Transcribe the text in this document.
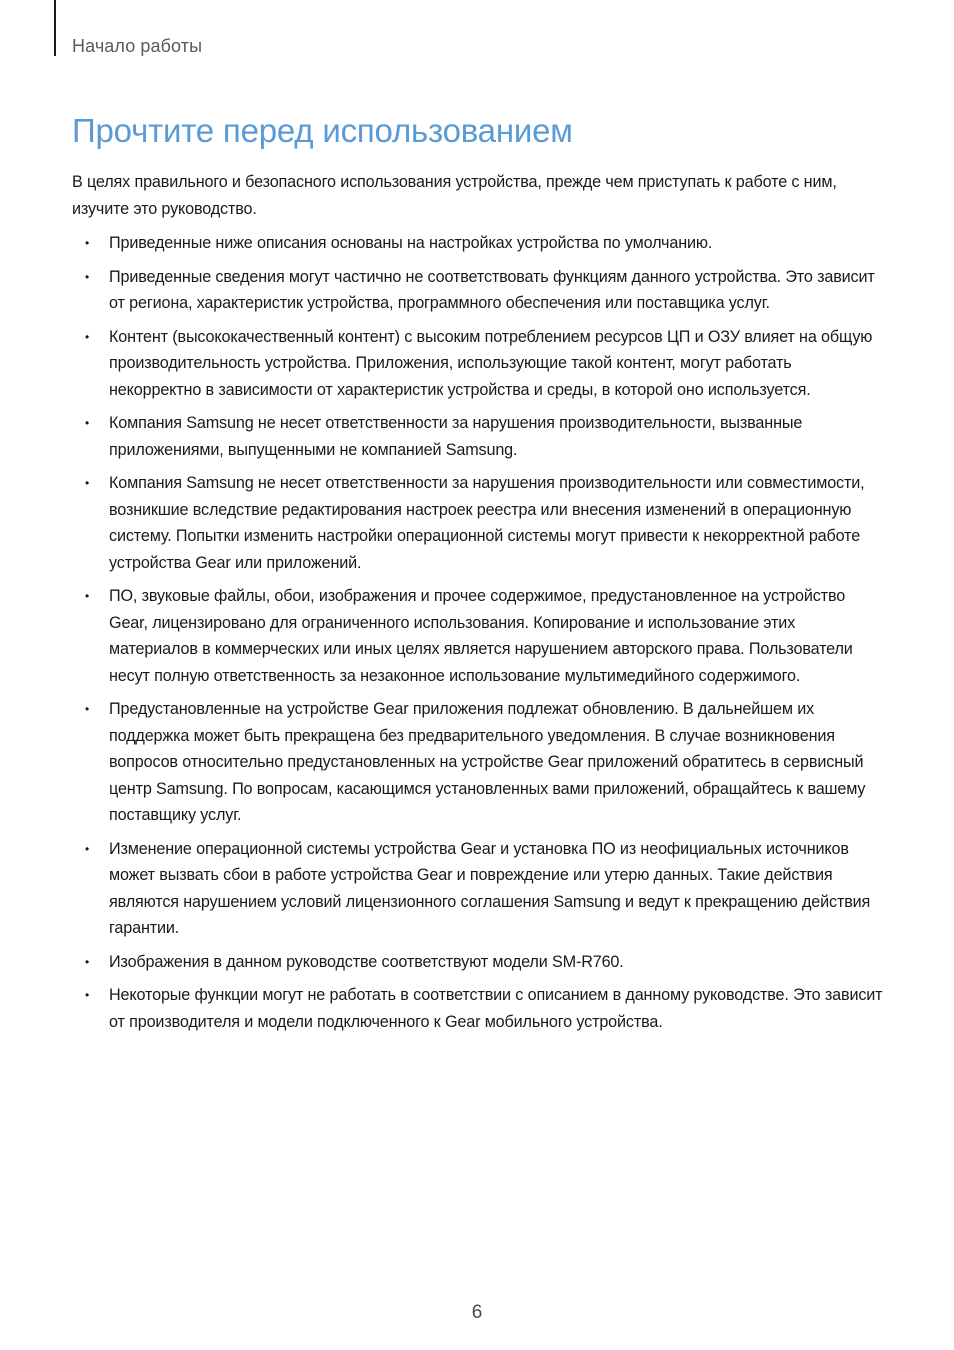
Начало работы
Прочтите перед использованием

В целях правильного и безопасного использования устройства, прежде чем приступать к работе с ним, изучите это руководство.

• Приведенные ниже описания основаны на настройках устройства по умолчанию.
• Приведенные сведения могут частично не соответствовать функциям данного устройства. Это зависит от региона, характеристик устройства, программного обеспечения или поставщика услуг.
• Контент (высококачественный контент) с высоким потреблением ресурсов ЦП и ОЗУ влияет на общую производительность устройства. Приложения, использующие такой контент, могут работать некорректно в зависимости от характеристик устройства и среды, в которой оно используется.
• Компания Samsung не несет ответственности за нарушения производительности, вызванные приложениями, выпущенными не компанией Samsung.
• Компания Samsung не несет ответственности за нарушения производительности или совместимости, возникшие вследствие редактирования настроек реестра или внесения изменений в операционную систему. Попытки изменить настройки операционной системы могут привести к некорректной работе устройства Gear или приложений.
• ПО, звуковые файлы, обои, изображения и прочее содержимое, предустановленное на устройство Gear, лицензировано для ограниченного использования. Копирование и использование этих материалов в коммерческих или иных целях является нарушением авторского права. Пользователи несут полную ответственность за незаконное использование мультимедийного содержимого.
• Предустановленные на устройстве Gear приложения подлежат обновлению. В дальнейшем их поддержка может быть прекращена без предварительного уведомления. В случае возникновения вопросов относительно предустановленных на устройстве Gear приложений обратитесь в сервисный центр Samsung. По вопросам, касающимся установленных вами приложений, обращайтесь к вашему поставщику услуг.
• Изменение операционной системы устройства Gear и установка ПО из неофициальных источников может вызвать сбои в работе устройства Gear и повреждение или утерю данных. Такие действия являются нарушением условий лицензионного соглашения Samsung и ведут к прекращению действия гарантии.
• Изображения в данном руководстве соответствуют модели SM-R760.
• Некоторые функции могут не работать в соответствии с описанием в данному руководстве. Это зависит от производителя и модели подключенного к Gear мобильного устройства.
6
